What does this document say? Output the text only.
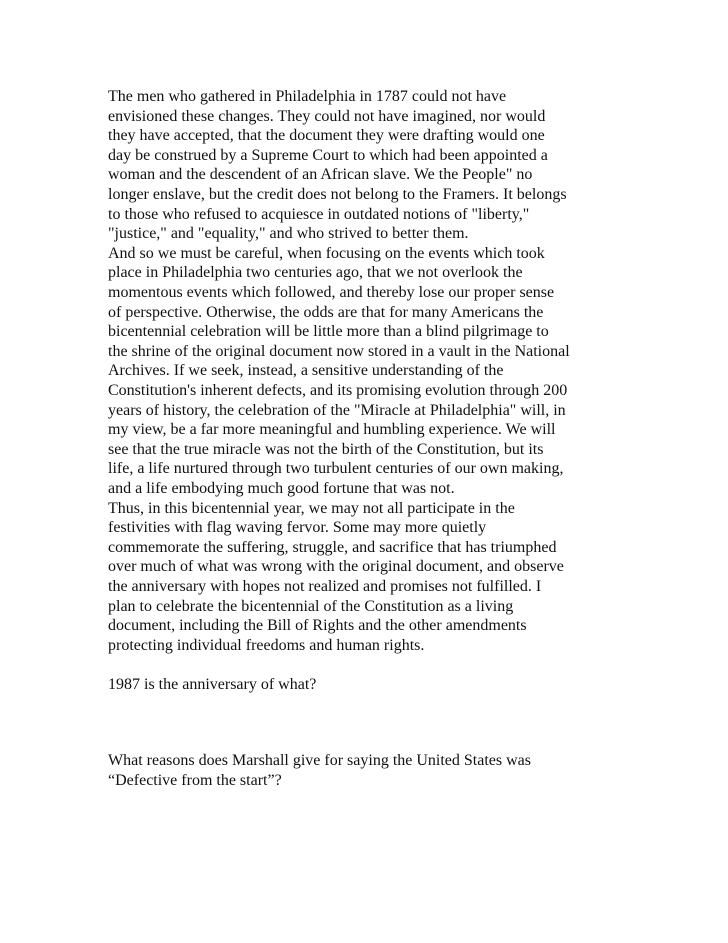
The men who gathered in Philadelphia in 1787 could not have
envisioned these changes. They could not have imagined, nor would
they have accepted, that the document they were drafting would one
day be construed by a Supreme Court to which had been appointed a
woman and the descendent of an African slave. We the People" no
longer enslave, but the credit does not belong to the Framers. It belongs
to those who refused to acquiesce in outdated notions of "liberty,"
"justice," and "equality," and who strived to better them.

And so we must be careful, when focusing on the events which took
place in Philadelphia two centuries ago, that we not overlook the
momentous events which followed, and thereby lose our proper sense
of perspective. Otherwise, the odds are that for many Americans the
bicentennial celebration will be little more than a blind pilgrimage to
the shrine of the original document now stored in a vault in the National
Archives. If we seek, instead, a sensitive understanding of the
Constitution's inherent defects, and its promising evolution through 200
years of history, the celebration of the "Miracle at Philadelphia" will, in
my view, be a far more meaningful and humbling experience. We will
see that the true miracle was not the birth of the Constitution, but its
life, a life nurtured through two turbulent centuries of our own making,
and a life embodying much good fortune that was not.

Thus, in this bicentennial year, we may not all participate in the
festivities with flag waving fervor. Some may more quietly
commemorate the suffering, struggle, and sacrifice that has triumphed
over much of what was wrong with the original document, and observe
the anniversary with hopes not realized and promises not fulfilled. I
plan to celebrate the bicentennial of the Constitution as a living
document, including the Bill of Rights and the other amendments
protecting individual freedoms and human rights.

1987 is the anniversary of what?

What reasons does Marshall give for saying the United States was
“Defective from the start”?
